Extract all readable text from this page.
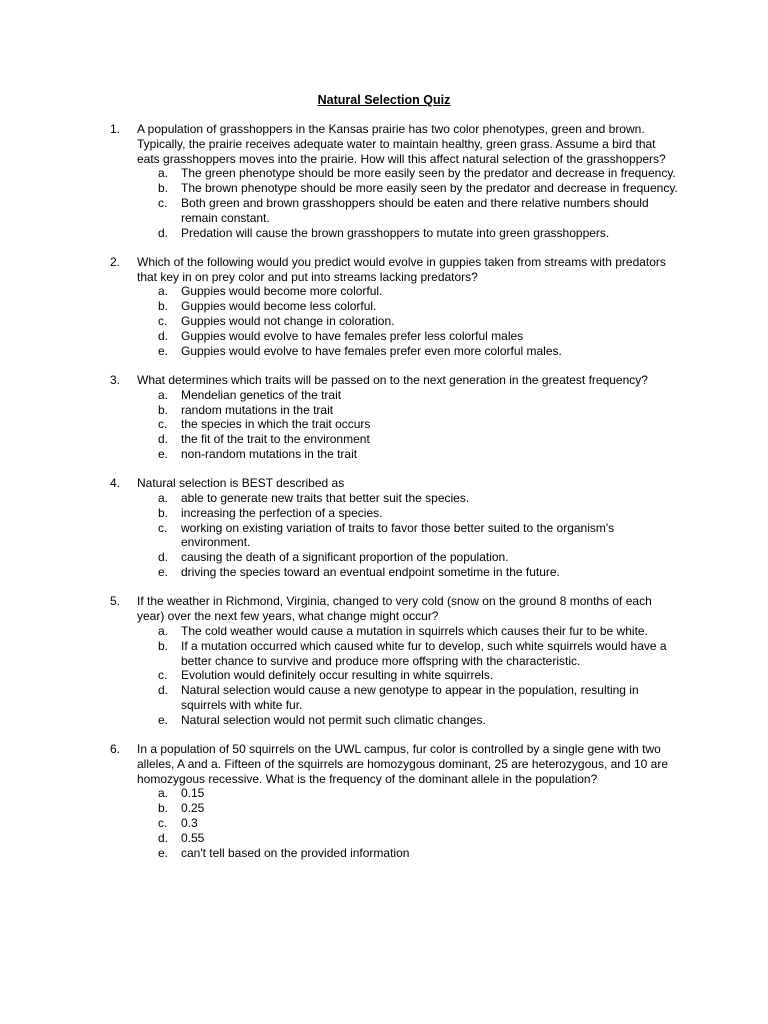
Natural Selection Quiz
1. A population of grasshoppers in the Kansas prairie has two color phenotypes, green and brown. Typically, the prairie receives adequate water to maintain healthy, green grass. Assume a bird that eats grasshoppers moves into the prairie. How will this affect natural selection of the grasshoppers?
a. The green phenotype should be more easily seen by the predator and decrease in frequency.
b. The brown phenotype should be more easily seen by the predator and decrease in frequency.
c. Both green and brown grasshoppers should be eaten and there relative numbers should remain constant.
d. Predation will cause the brown grasshoppers to mutate into green grasshoppers.
2. Which of the following would you predict would evolve in guppies taken from streams with predators that key in on prey color and put into streams lacking predators?
a. Guppies would become more colorful.
b. Guppies would become less colorful.
c. Guppies would not change in coloration.
d. Guppies would evolve to have females prefer less colorful males
e. Guppies would evolve to have females prefer even more colorful males.
3. What determines which traits will be passed on to the next generation in the greatest frequency?
a. Mendelian genetics of the trait
b. random mutations in the trait
c. the species in which the trait occurs
d. the fit of the trait to the environment
e. non-random mutations in the trait
4. Natural selection is BEST described as
a. able to generate new traits that better suit the species.
b. increasing the perfection of a species.
c. working on existing variation of traits to favor those better suited to the organism's environment.
d. causing the death of a significant proportion of the population.
e. driving the species toward an eventual endpoint sometime in the future.
5. If the weather in Richmond, Virginia, changed to very cold (snow on the ground 8 months of each year) over the next few years, what change might occur?
a. The cold weather would cause a mutation in squirrels which causes their fur to be white.
b. If a mutation occurred which caused white fur to develop, such white squirrels would have a better chance to survive and produce more offspring with the characteristic.
c. Evolution would definitely occur resulting in white squirrels.
d. Natural selection would cause a new genotype to appear in the population, resulting in squirrels with white fur.
e. Natural selection would not permit such climatic changes.
6. In a population of 50 squirrels on the UWL campus, fur color is controlled by a single gene with two alleles, A and a. Fifteen of the squirrels are homozygous dominant, 25 are heterozygous, and 10 are homozygous recessive. What is the frequency of the dominant allele in the population?
a. 0.15
b. 0.25
c. 0.3
d. 0.55
e. can't tell based on the provided information
